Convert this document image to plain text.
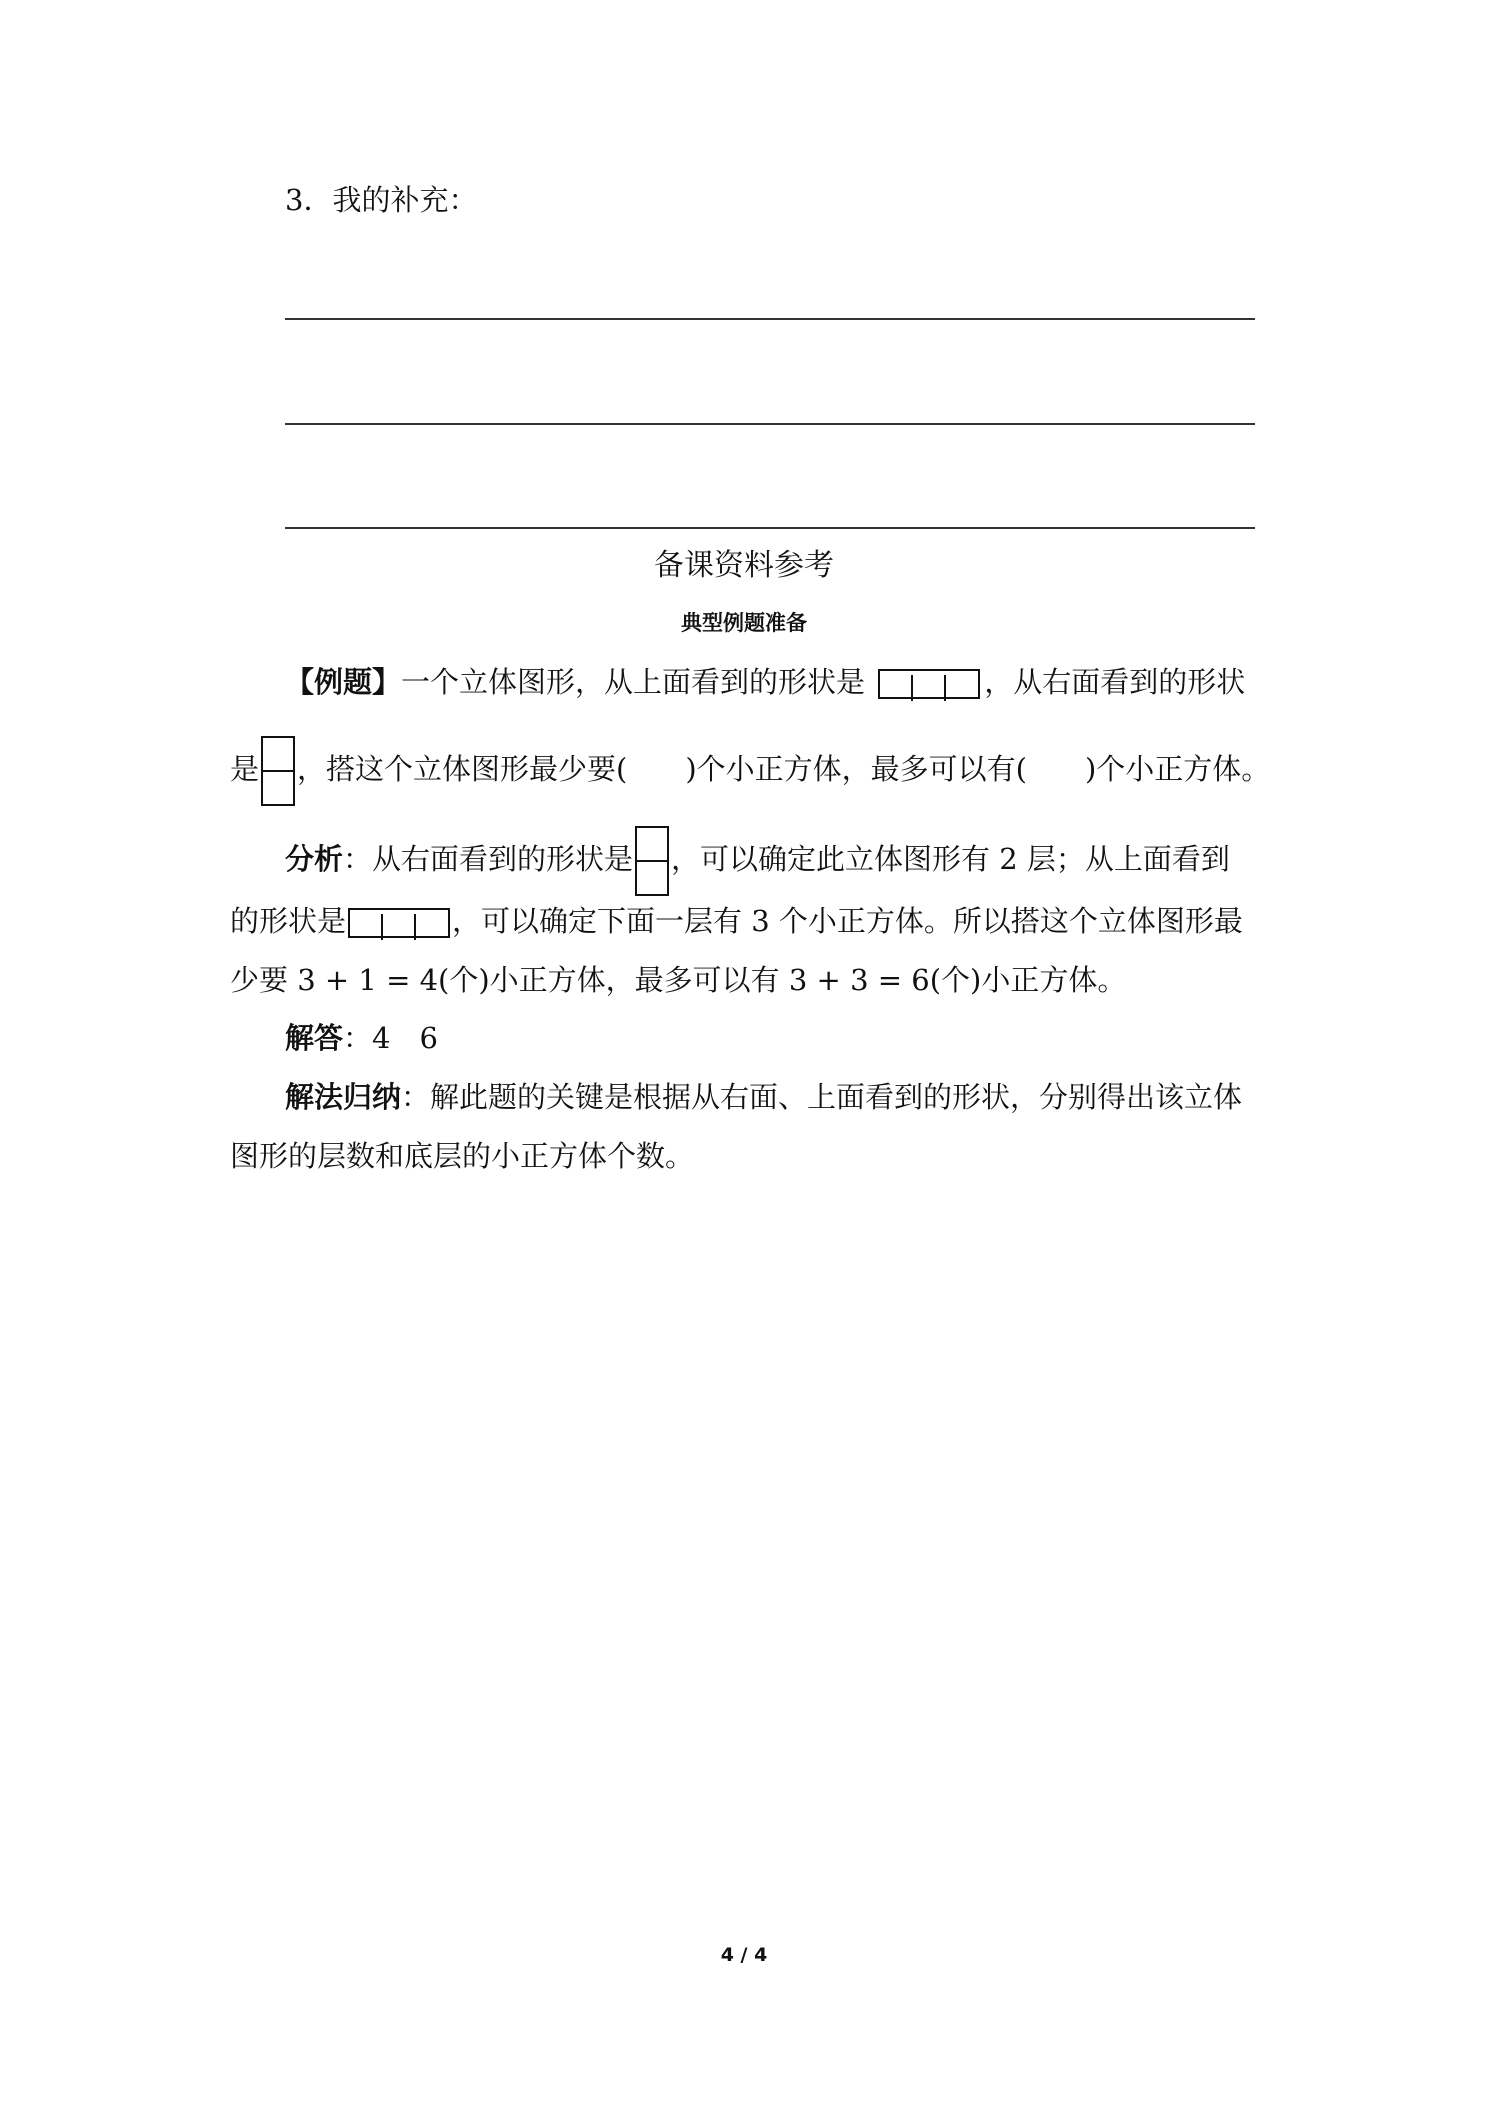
3．我的补充：
备课资料参考
典型例题准备
【例题】一个立体图形，从上面看到的形状是	，从右面看到的形状
是 ，搭这个立体图形最少要(　　)个小正方体，最多可以有(　　)个小正方体。
分析：从右面看到的形状是 ，可以确定此立体图形有 2 层；从上面看到
的形状是	，可以确定下面一层有 3 个小正方体。所以搭这个立体图形最
少要 3 + 1 = 4(个)小正方体，最多可以有 3 + 3 = 6(个)小正方体。
解答：4　6
解法归纳：解此题的关键是根据从右面、上面看到的形状，分别得出该立体
图形的层数和底层的小正方体个数。
4 / 4
